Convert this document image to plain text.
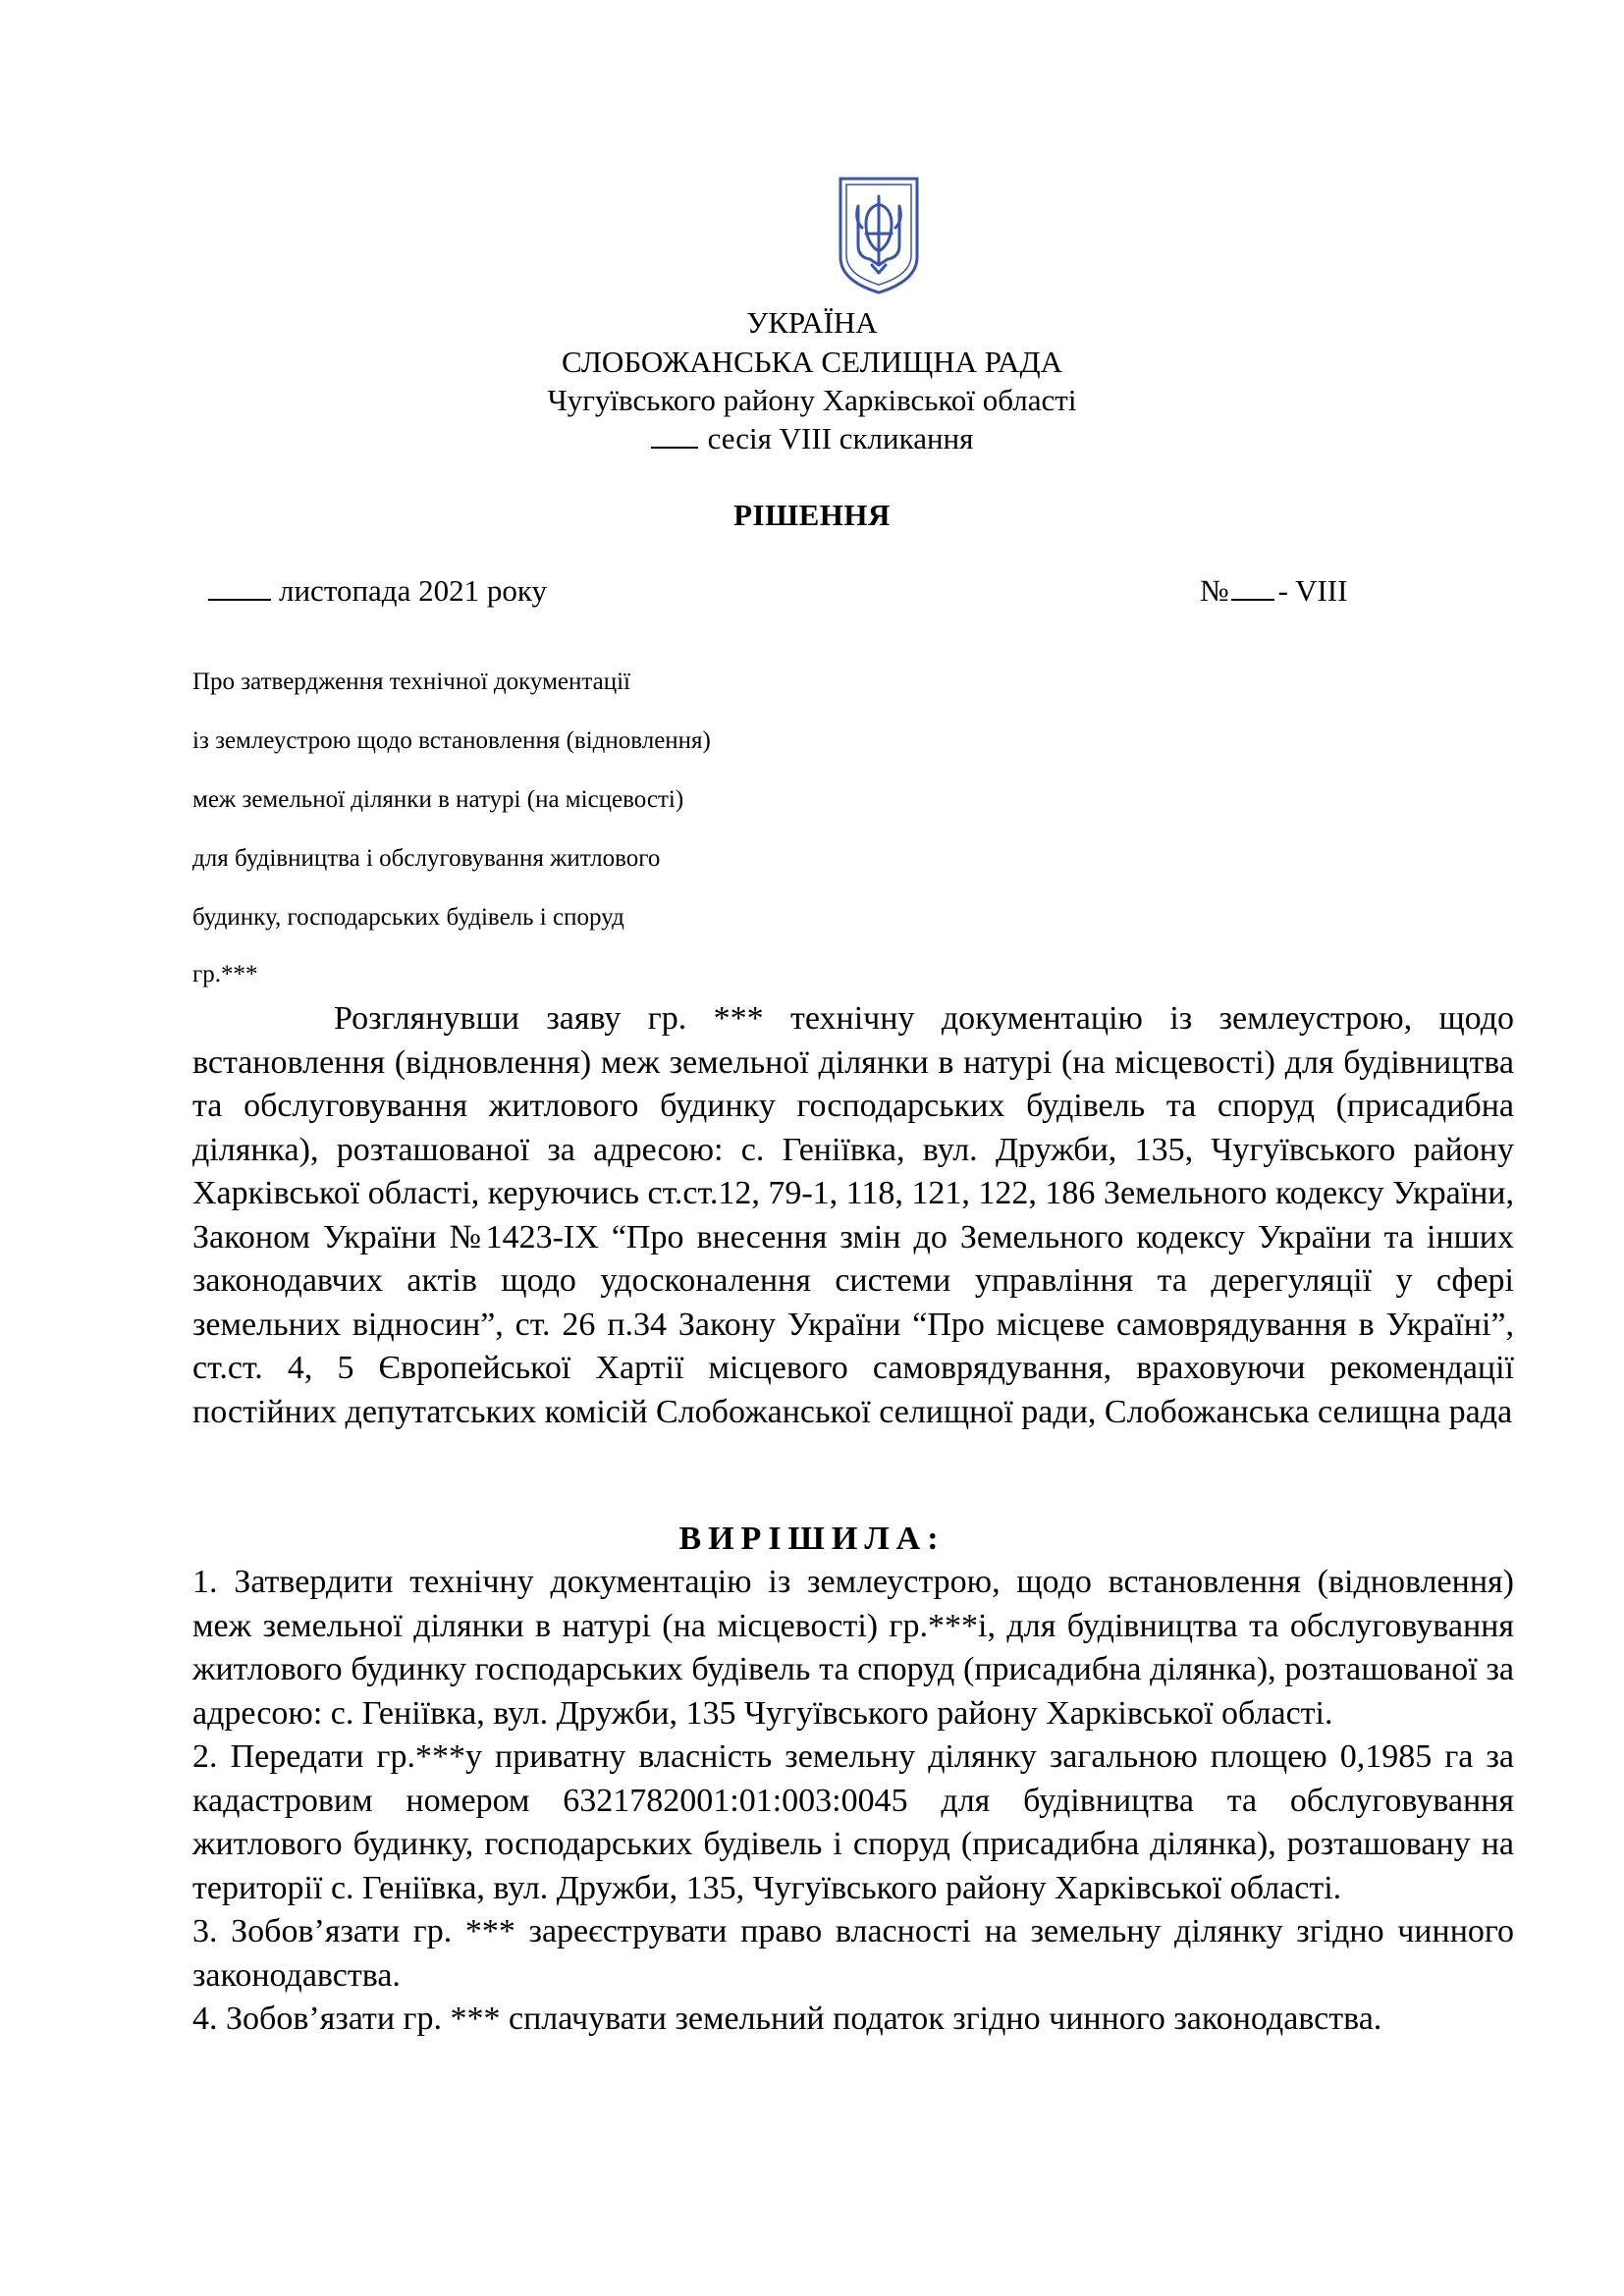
УКРАЇНА
СЛОБОЖАНСЬКА СЕЛИЩНА РАДА
Чугуївського району Харківської області
сесія VIII скликання
РІШЕННЯ
листопада 2021 року	№ - VIII
Про затвердження технічної документації
із землеустрою щодо встановлення (відновлення)
меж земельної ділянки в натурі (на місцевості)
для будівництва і обслуговування житлового
будинку, господарських будівель і споруд
гр.***
Розглянувши заяву гр. *** технічну документацію із землеустрою, щодо встановлення (відновлення) меж земельної ділянки в натурі (на місцевості) для будівництва та обслуговування житлового будинку господарських будівель та споруд (присадибна ділянка), розташованої за адресою: с. Геніївка, вул. Дружби, 135, Чугуївського району Харківської області, керуючись ст.ст.12, 79-1, 118, 121, 122, 186 Земельного кодексу України, Законом України №1423-IX “Про внесення змін до Земельного кодексу України та інших законодавчих актів щодо удосконалення системи управління та дерегуляції у сфері земельних відносин”, ст. 26 п.34 Закону України “Про місцеве самоврядування в Україні”, ст.ст. 4, 5 Європейської Хартії місцевого самоврядування, враховуючи рекомендації постійних депутатських комісій Слобожанської селищної ради, Слобожанська селищна рада
ВИРІШИЛА:

1. Затвердити технічну документацію із землеустрою, щодо встановлення (відновлення) меж земельної ділянки в натурі (на місцевості) гр.***і, для будівництва та обслуговування житлового будинку господарських будівель та споруд (присадибна ділянка), розташованої за адресою: с. Геніївка, вул. Дружби, 135 Чугуївського району Харківської області.

2. Передати гр.***у приватну власність земельну ділянку загальною площею 0,1985 га за кадастровим номером 6321782001:01:003:0045 для будівництва та обслуговування житлового будинку, господарських будівель і споруд (присадибна ділянка), розташовану на території с. Геніївка, вул. Дружби, 135, Чугуївського району Харківської області.

3. Зобов’язати гр. *** зареєструвати право власності на земельну ділянку згідно чинного законодавства.

4. Зобов’язати гр. *** сплачувати земельний податок згідно чинного законодавства.
